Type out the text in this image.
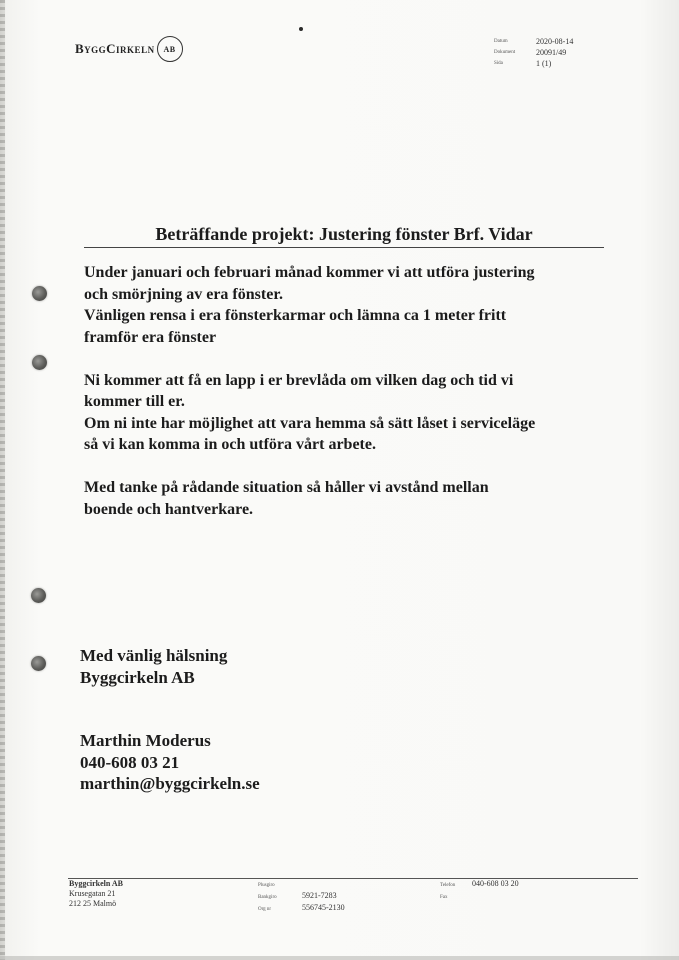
ByggCirkeln	AB
Datum	2020-08-14
Dokument	20091/49
Sida	1 (1)
Beträffande projekt: Justering fönster Brf. Vidar
Under januari och februari månad kommer vi att utföra justering
och smörjning av era fönster.
Vänligen rensa i era fönsterkarmar och lämna ca 1 meter fritt
framför era fönster
Ni kommer att få en lapp i er brevlåda om vilken dag och tid vi
kommer till er.
Om ni inte har möjlighet att vara hemma så sätt låset i serviceläge
så vi kan komma in och utföra vårt arbete.
Med tanke på rådande situation så håller vi avstånd mellan
boende och hantverkare.
Med vänlig hälsning
Byggcirkeln AB
Marthin Moderus
040-608 03 21
marthin@byggcirkeln.se
Byggcirkeln AB
Krusegatan 21
212 25 Malmö
Plusgiro
Bankgiro	5921-7283
Org nr	556745-2130
Telefon 040-608 03 20
Fax
